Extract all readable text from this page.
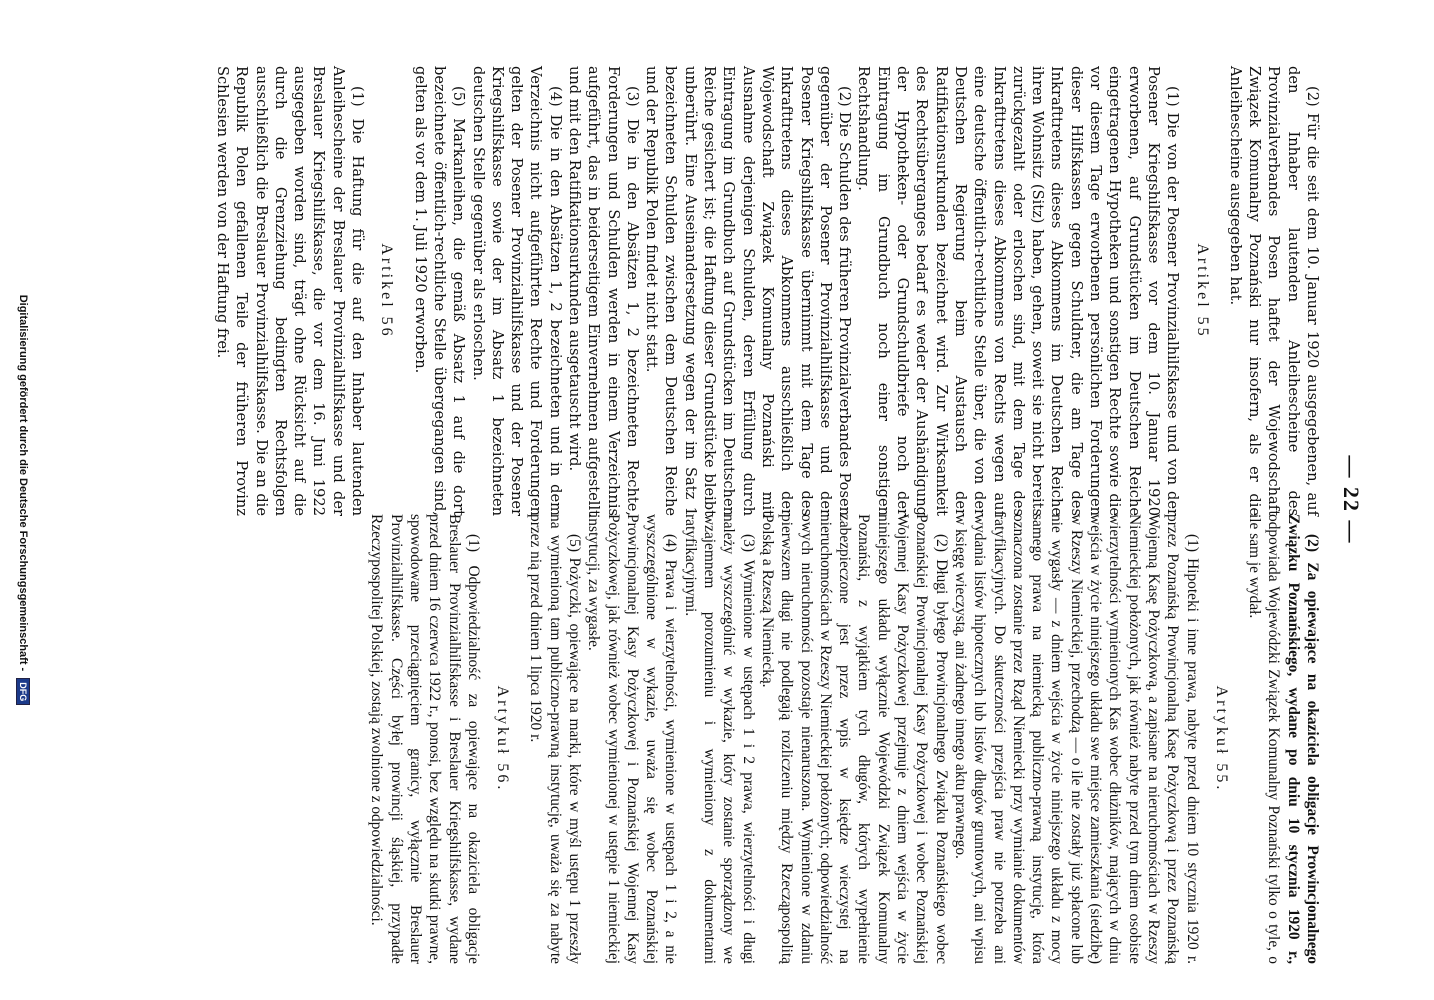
— 22 —

(2) Für die seit dem 10. Januar 1920 ausgegebenen, auf den Inhaber lautenden Anleihescheine des Provinzialverbandes Posen haftet der Wojewodschaft Związek Komunalny Poznański nur insofern, als er die Anleihescheine ausgegeben hat.

Artikel 55

(1) Die von der Posener Provinzialhilfskasse und von der Posener Kriegshilfskasse vor dem 10. Januar 1920 erworbenen, auf Grundstücken im Deutschen Reiche eingetragenen Hypotheken und sonstigen Rechte sowie die vor diesem Tage erworbenen persönlichen Forderungen dieser Hilfskassen gegen Schuldner, die am Tage des Inkrafttretens dieses Abkommens im Deutschen Reiche ihren Wohnsitz (Sitz) haben, gehen, soweit sie nicht bereits zurückgezahlt oder erloschen sind, mit dem Tage des Inkrafttretens dieses Abkommens von Rechts wegen auf eine deutsche öffentlich-rechtliche Stelle über, die von der Deutschen Regierung beim Austausch der Ratifikationsurkunden bezeichnet wird. Zur Wirksamkeit des Rechtsüberganges bedarf es weder der Aushändigung der Hypotheken- oder Grundschuldbriefe noch der Eintragung im Grundbuch noch einer sonstigen Rechtshandlung.

(2) Die Schulden des früheren Provinzialverbandes Posen gegenüber der Posener Provinzialhilfskasse und der Posener Kriegshilfskasse übernimmt mit dem Tage des Inkrafttretens dieses Abkommens ausschließlich der Wojewodschaft Związek Komunalny Poznański mit Ausnahme derjenigen Schulden, deren Erfüllung durch Eintragung im Grundbuch auf Grundstücken im Deutschen Reiche gesichert ist; die Haftung dieser Grundstücke bleibt unberührt. Eine Auseinandersetzung wegen der im Satz 1 bezeichneten Schulden zwischen dem Deutschen Reiche und der Republik Polen findet nicht statt.

(3) Die in den Absätzen 1, 2 bezeichneten Rechte, Forderungen und Schulden werden in einem Verzeichnis aufgeführt, das in beiderseitigem Einvernehmen aufgestellt und mit den Ratifikationsurkunden ausgetauscht wird.

(4) Die in den Absätzen 1, 2 bezeichneten und in dem Verzeichnis nicht aufgeführten Rechte und Forderungen gelten der Posener Provinzialhilfskasse und der Posener Kriegshilfskasse sowie der im Absatz 1 bezeichneten deutschen Stelle gegenüber als erloschen.

(5) Markanleihen, die gemäß Absatz 1 auf die dort bezeichnete öffentlich-rechtliche Stelle übergegangen sind, gelten als vor dem 1. Juli 1920 erworben.

Artikel 56

(1) Die Haftung für die auf den Inhaber lautenden Anleihescheine der Breslauer Provinzialhilfskasse und der Breslauer Kriegshilfskasse, die vor dem 16. Juni 1922 ausgegeben worden sind, trägt ohne Rücksicht auf die durch die Grenzziehung bedingten Rechtsfolgen ausschließlich die Breslauer Provinzialhilfskasse. Die an die Republik Polen gefallenen Teile der früheren Provinz Schlesien werden von der Haftung frei.

(2) Za opiewające na okaziciela obligacje Prowincjonalnego Związku Poznańskiego, wydane po dniu 10 stycznia 1920 r., odpowiada Wojewódzki Związek Komunalny Poznański tylko o tyle, o ile sam je wydał.

Artykuł 55.

(1) Hipoteki i inne prawa, nabyte przed dniem 10 stycznia 1920 r. przez Poznańską Prowincjonalną Kasę Pożyczkową i przez Poznańską Wojenną Kasę Pożyczkową, a zapisane na nieruchomościach w Rzeszy Niemieckiej położonych, jak również nabyte przed tym dniem osobiste wierzytelności wymienionych Kas wobec dłużników, mających w dniu wejścia w życie niniejszego układu swe miejsce zamieszkania (siedzibę) w Rzeszy Niemieckiej, przechodzą — o ile nie zostały już spłacone lub nie wygasły — z dniem wejścia w życie niniejszego układu z mocy samego prawa na niemiecką publiczno-prawną instytucję, która oznaczona zostanie przez Rząd Niemiecki przy wymianie dokumentów ratyfikacyjnych. Do skuteczności przejścia praw nie potrzeba ani wydania listów hipotecznych lub listów długów gruntowych, ani wpisu w księgę wieczystą, ani żadnego innego aktu prawnego.

(2) Długi byłego Prowincjonalnego Związku Poznańskiego wobec Poznańskiej Prowincjonalnej Kasy Pożyczkowej i wobec Poznańskiej Wojennej Kasy Pożyczkowej przejmuje z dniem wejścia w życie niniejszego układu wyłącznie Wojewódzki Związek Komunalny Poznański, z wyjątkiem tych długów, których wypełnienie zabezpieczone jest przez wpis w księdze wieczystej na nieruchomościach w Rzeszy Niemieckiej położonych; odpowiedzialność owych nieruchomości pozostaje nienaruszona. Wymienione w zdaniu pierwszem długi nie podlegają rozliczeniu między Rzecząpospolitą Polską a Rzeszą Niemiecką.

(3) Wymienione w ustępach 1 i 2 prawa, wierzytelności i długi należy wyszczególnić w wykazie, który zostanie sporządzony we wzajemnem porozumieniu i wymieniony z dokumentami ratyfikacyjnymi.

(4) Prawa i wierzytelności, wymienione w ustępach 1 i 2, a nie wyszczególnione w wykazie, uważa się wobec Poznańskiej Prowincjonalnej Kasy Pożyczkowej i Poznańskiej Wojennej Kasy Pożyczkowej, jak również wobec wymienionej w ustępie 1 niemieckiej instytucji, za wygasłe.

(5) Pożyczki, opiewające na marki, które w myśl ustępu 1 przeszły na wymienioną tam publiczno-prawną instytucję, uważa się za nabyte przez nią przed dniem 1 lipca 1920 r.

Artykuł 56.

(1) Odpowiedzialność za opiewające na okaziciela obligacje Breslauer Provinzialhilfskasse i Breslauer Kriegshilfskasse, wydane przed dniem 16 czerwca 1922 r., ponosi, bez względu na skutki prawne, spowodowane przeciągnięciem granicy, wyłącznie Breslauer Provinzialhilfskasse. Części byłej prowincji śląskiej, przypadłe Rzeczypospolitej Polskiej, zostają zwolnione z odpowiedzialności.

Digitalisierung gefördert durch die Deutsche Forschungsgemeinschaft - DFG
